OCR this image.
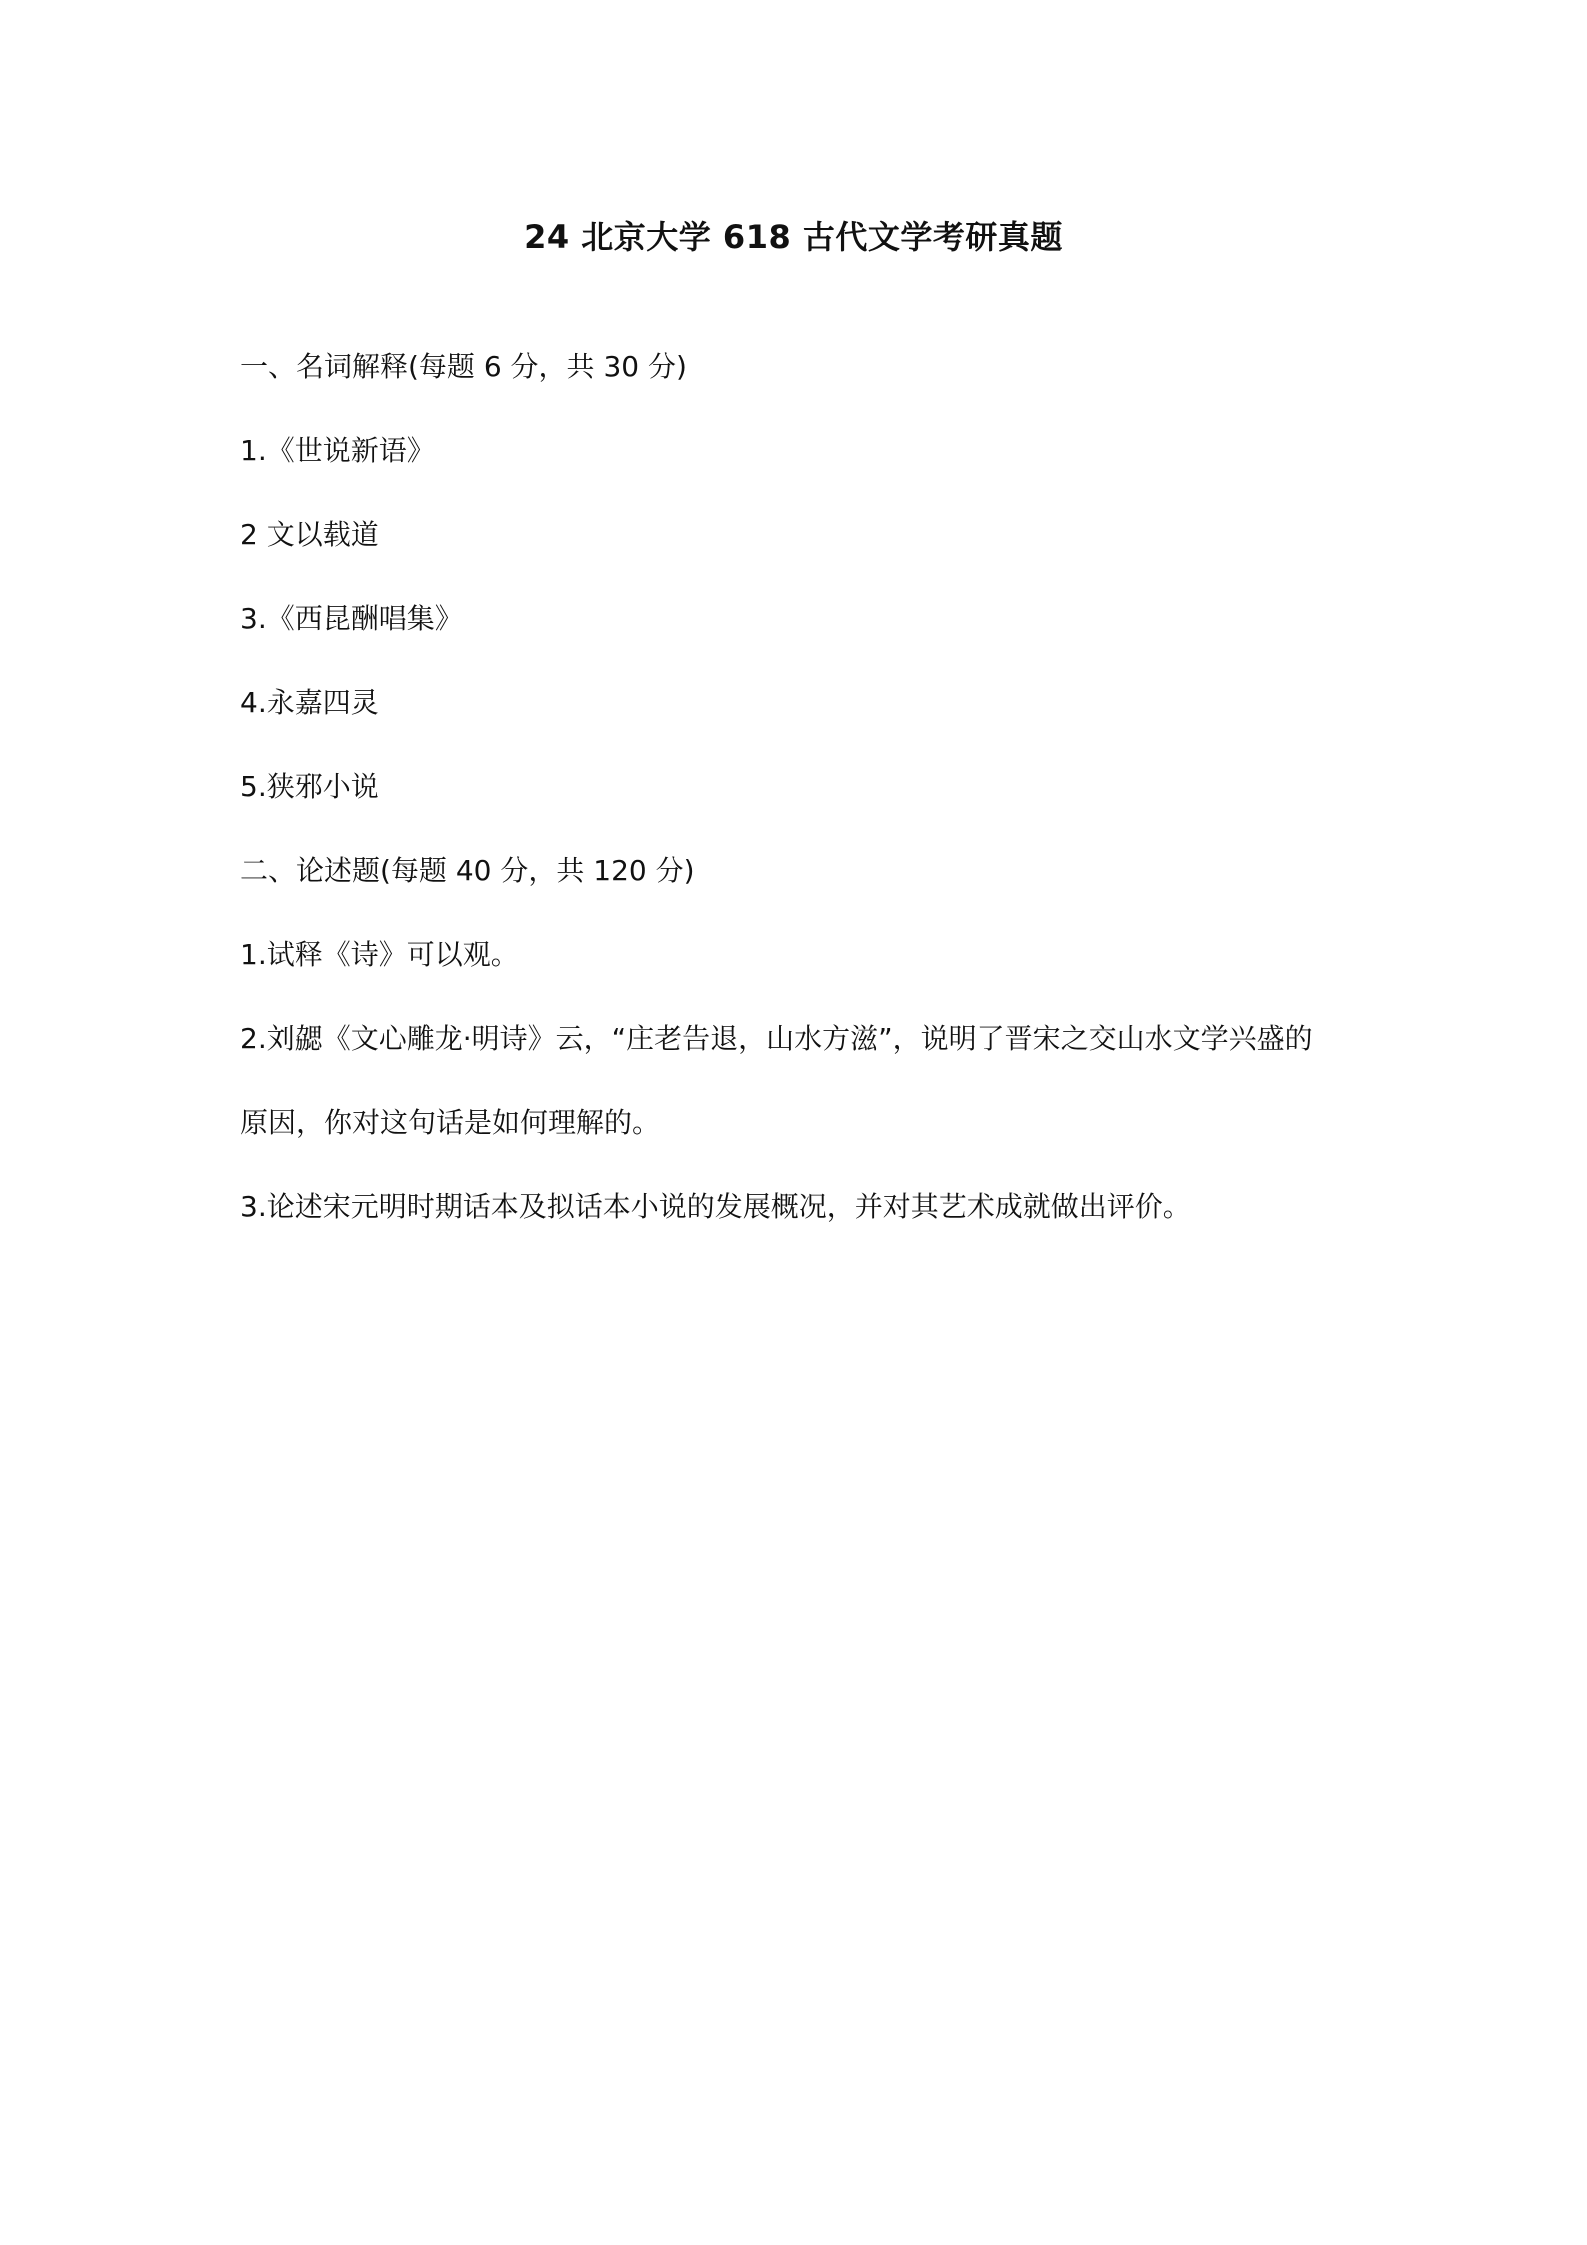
24 北京大学 618 古代文学考研真题
一、名词解释(每题 6 分，共 30 分)
1.《世说新语》
2 文以载道
3.《西昆酬唱集》
4.永嘉四灵
5.狭邪小说
二、论述题(每题 40 分，共 120 分)
1.试释《诗》可以观。
2.刘勰《文心雕龙·明诗》云，“庄老告退，山水方滋”，说明了晋宋之交山水文学兴盛的
原因，你对这句话是如何理解的。
3.论述宋元明时期话本及拟话本小说的发展概况，并对其艺术成就做出评价。
